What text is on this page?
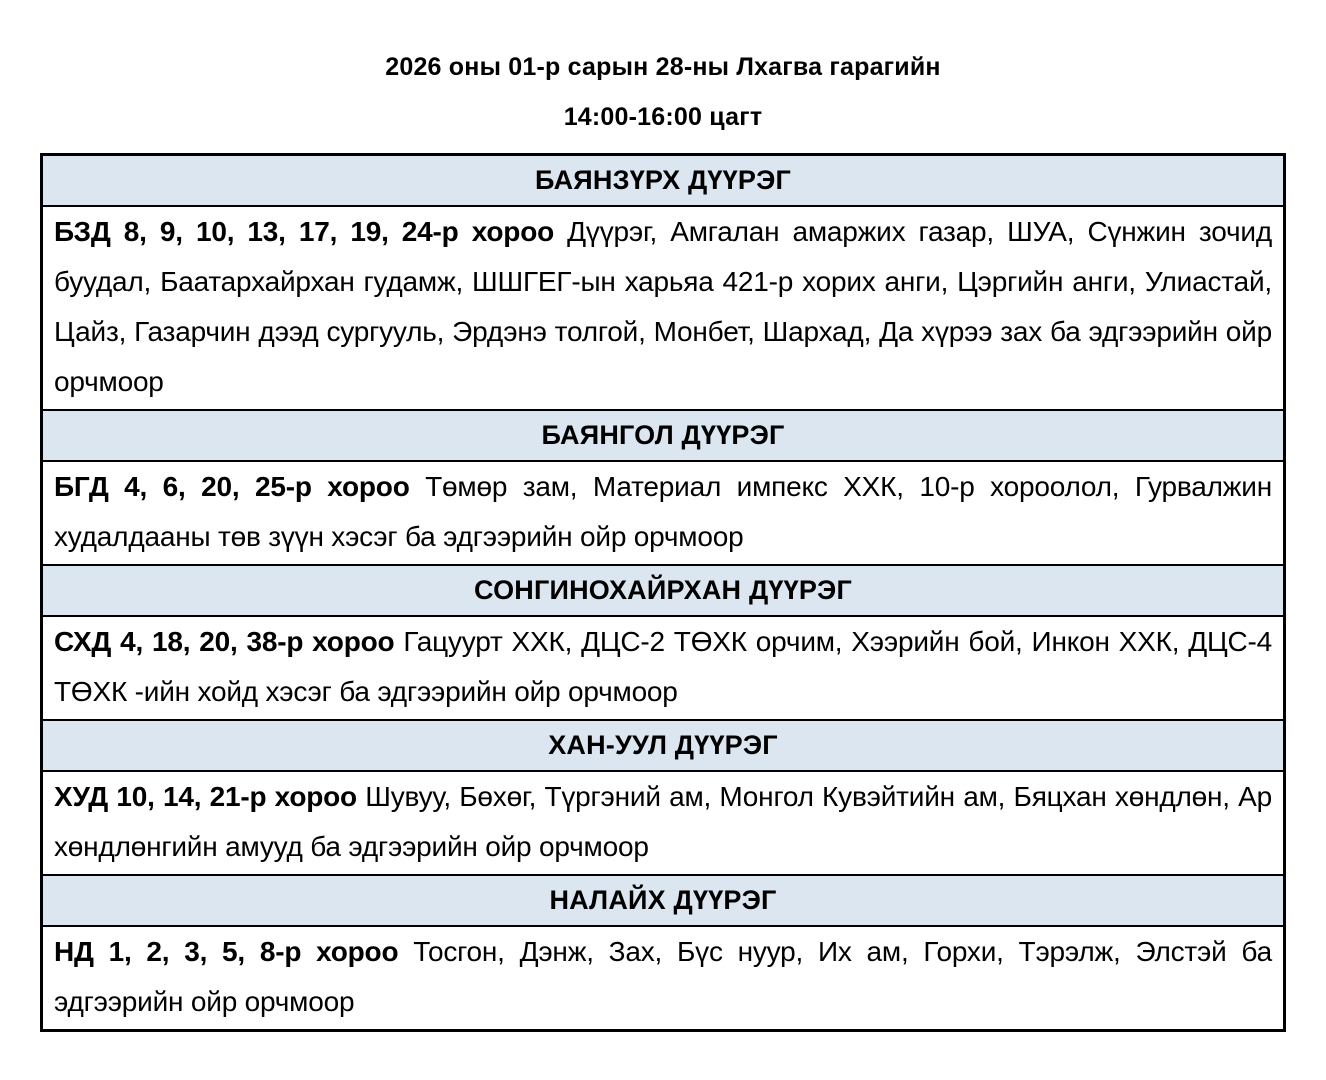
2026 оны 01-р сарын 28-ны Лхагва гарагийн
14:00-16:00 цагт
БАЯНЗҮРХ ДҮҮРЭГ
БЗД 8, 9, 10, 13, 17, 19, 24-р хороо Дүүрэг, Амгалан амаржих газар, ШУА, Сүнжин зочид буудал, Баатархайрхан гудамж, ШШГЕГ-ын харьяа 421-р хорих анги, Цэргийн анги, Улиастай, Цайз, Газарчин дээд сургууль, Эрдэнэ толгой, Монбет, Шархад, Да хүрээ зах ба эдгээрийн ойр орчмоор
БАЯНГОЛ ДҮҮРЭГ
БГД 4, 6, 20, 25-р хороо Төмөр зам, Материал импекс ХХК, 10-р хороолол, Гурвалжин худалдааны төв зүүн хэсэг ба эдгээрийн ойр орчмоор
СОНГИНОХАЙРХАН ДҮҮРЭГ
СХД 4, 18, 20, 38-р хороо Гацуурт ХХК, ДЦС-2 ТӨХК орчим, Хээрийн бой, Инкон ХХК, ДЦС-4 ТӨХК -ийн хойд хэсэг ба эдгээрийн ойр орчмоор
ХАН-УУЛ ДҮҮРЭГ
ХУД 10, 14, 21-р хороо Шувуу, Бөхөг, Түргэний ам, Монгол Кувэйтийн ам, Бяцхан хөндлөн, Ар хөндлөнгийн амууд ба эдгээрийн ойр орчмоор
НАЛАЙХ ДҮҮРЭГ
НД 1, 2, 3, 5, 8-р хороо Тосгон, Дэнж, Зах, Бүс нуур, Их ам, Горхи, Тэрэлж, Элстэй ба эдгээрийн ойр орчмоор
